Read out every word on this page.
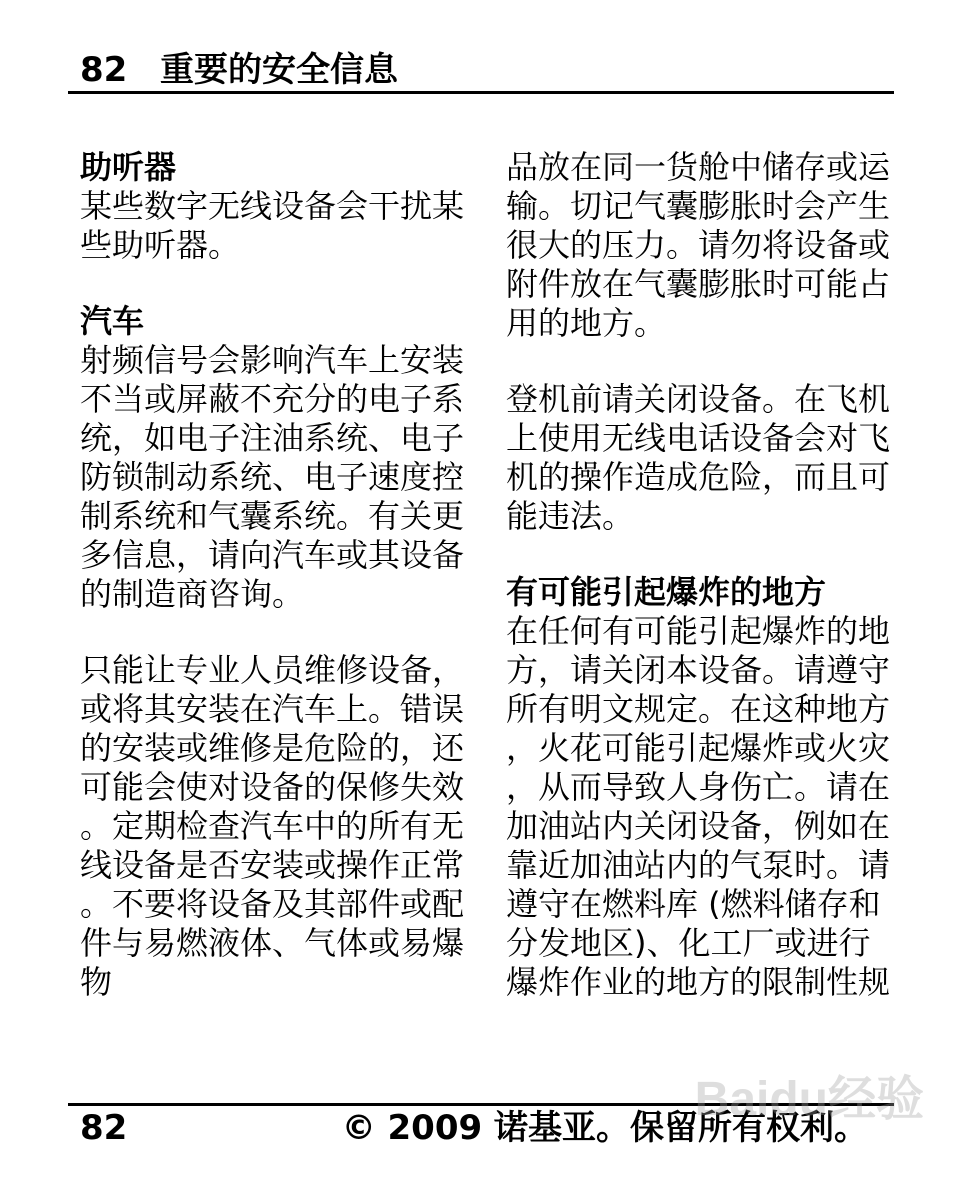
82 重要的安全信息
助听器

某些数字无线设备会干扰某些助听器。

汽车

射频信号会影响汽车上安装不当或屏蔽不充分的电子系统，如电子注油系统、电子防锁制动系统、电子速度控制系统和气囊系统。有关更多信息，请向汽车或其设备的制造商咨询。

只能让专业人员维修设备，或将其安装在汽车上。错误的安装或维修是危险的，还可能会使对设备的保修失效。定期检查汽车中的所有无线设备是否安装或操作正常。不要将设备及其部件或配件与易燃液体、气体或易爆物

品放在同一货舱中储存或运输。切记气囊膨胀时会产生很大的压力。请勿将设备或附件放在气囊膨胀时可能占用的地方。

登机前请关闭设备。在飞机上使用无线电话设备会对飞机的操作造成危险，而且可能违法。

有可能引起爆炸的地方

在任何有可能引起爆炸的地方，请关闭本设备。请遵守所有明文规定。在这种地方，火花可能引起爆炸或火灾，从而导致人身伤亡。请在加油站内关闭设备，例如在靠近加油站内的气泵时。请遵守在燃料库 (燃料储存和分发地区)、化工厂或进行爆炸作业的地方的限制性规

82	© 2009 诺基亚。保留所有权利。
Baidu经验
